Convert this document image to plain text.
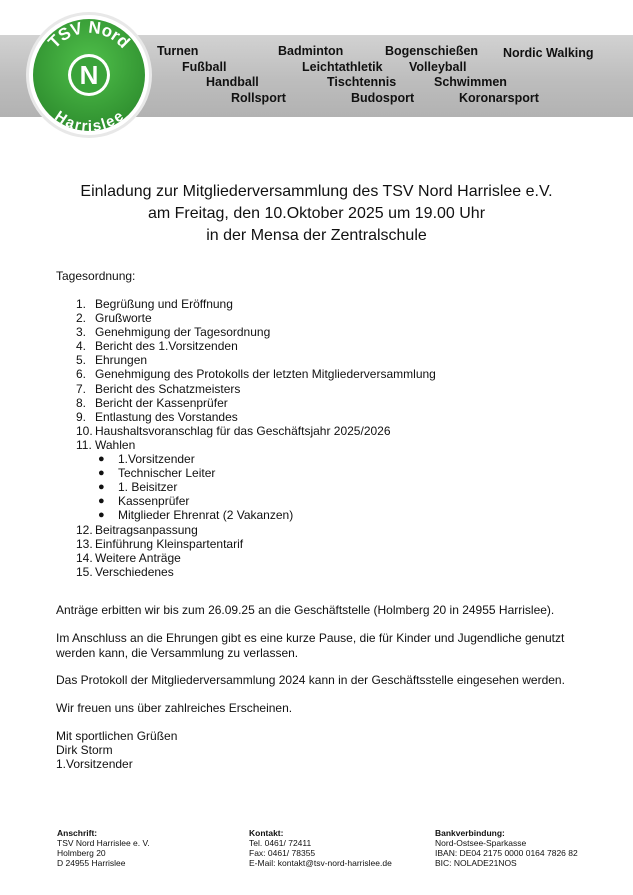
Turnen	Badminton	Bogenschießen Nordic Walking
Fußball	Leichtathletik Volleyball
Handball	Tischtennis	Schwimmen
Rollsport	Budosport	Koronarsport
TSV Nord
Harrislee
N
Einladung zur Mitgliederversammlung des TSV Nord Harrislee e.V.
am Freitag, den 10.Oktober 2025 um 19.00 Uhr
in der Mensa der Zentralschule
Tagesordnung:
1. Begrüßung und Eröffnung
2. Grußworte
3. Genehmigung der Tagesordnung
4. Bericht des 1.Vorsitzenden
5. Ehrungen
6. Genehmigung des Protokolls der letzten Mitgliederversammlung
7. Bericht des Schatzmeisters
8. Bericht der Kassenprüfer
9. Entlastung des Vorstandes
10. Haushaltsvoranschlag für das Geschäftsjahr 2025/2026
11. Wahlen
● 1.Vorsitzender
● Technischer Leiter
● 1. Beisitzer
● Kassenprüfer
● Mitglieder Ehrenrat (2 Vakanzen)
12. Beitragsanpassung
13. Einführung Kleinspartentarif
14. Weitere Anträge
15. Verschiedenes
Anträge erbitten wir bis zum 26.09.25 an die Geschäftstelle (Holmberg 20 in 24955 Harrislee).
Im Anschluss an die Ehrungen gibt es eine kurze Pause, die für Kinder und Jugendliche genutzt
werden kann, die Versammlung zu verlassen.
Das Protokoll der Mitgliederversammlung 2024 kann in der Geschäftsstelle eingesehen werden.
Wir freuen uns über zahlreiches Erscheinen.
Mit sportlichen Grüßen
Dirk Storm
1.Vorsitzender
Anschrift:
TSV Nord Harrislee e. V.
Holmberg 20
D 24955 Harrislee
Kontakt:
Tel. 0461/ 72411
Fax: 0461/ 78355
E-Mail: kontakt@tsv-nord-harrislee.de
Bankverbindung:
Nord-Ostsee-Sparkasse
IBAN: DE04 2175 0000 0164 7826 82
BIC: NOLADE21NOS
